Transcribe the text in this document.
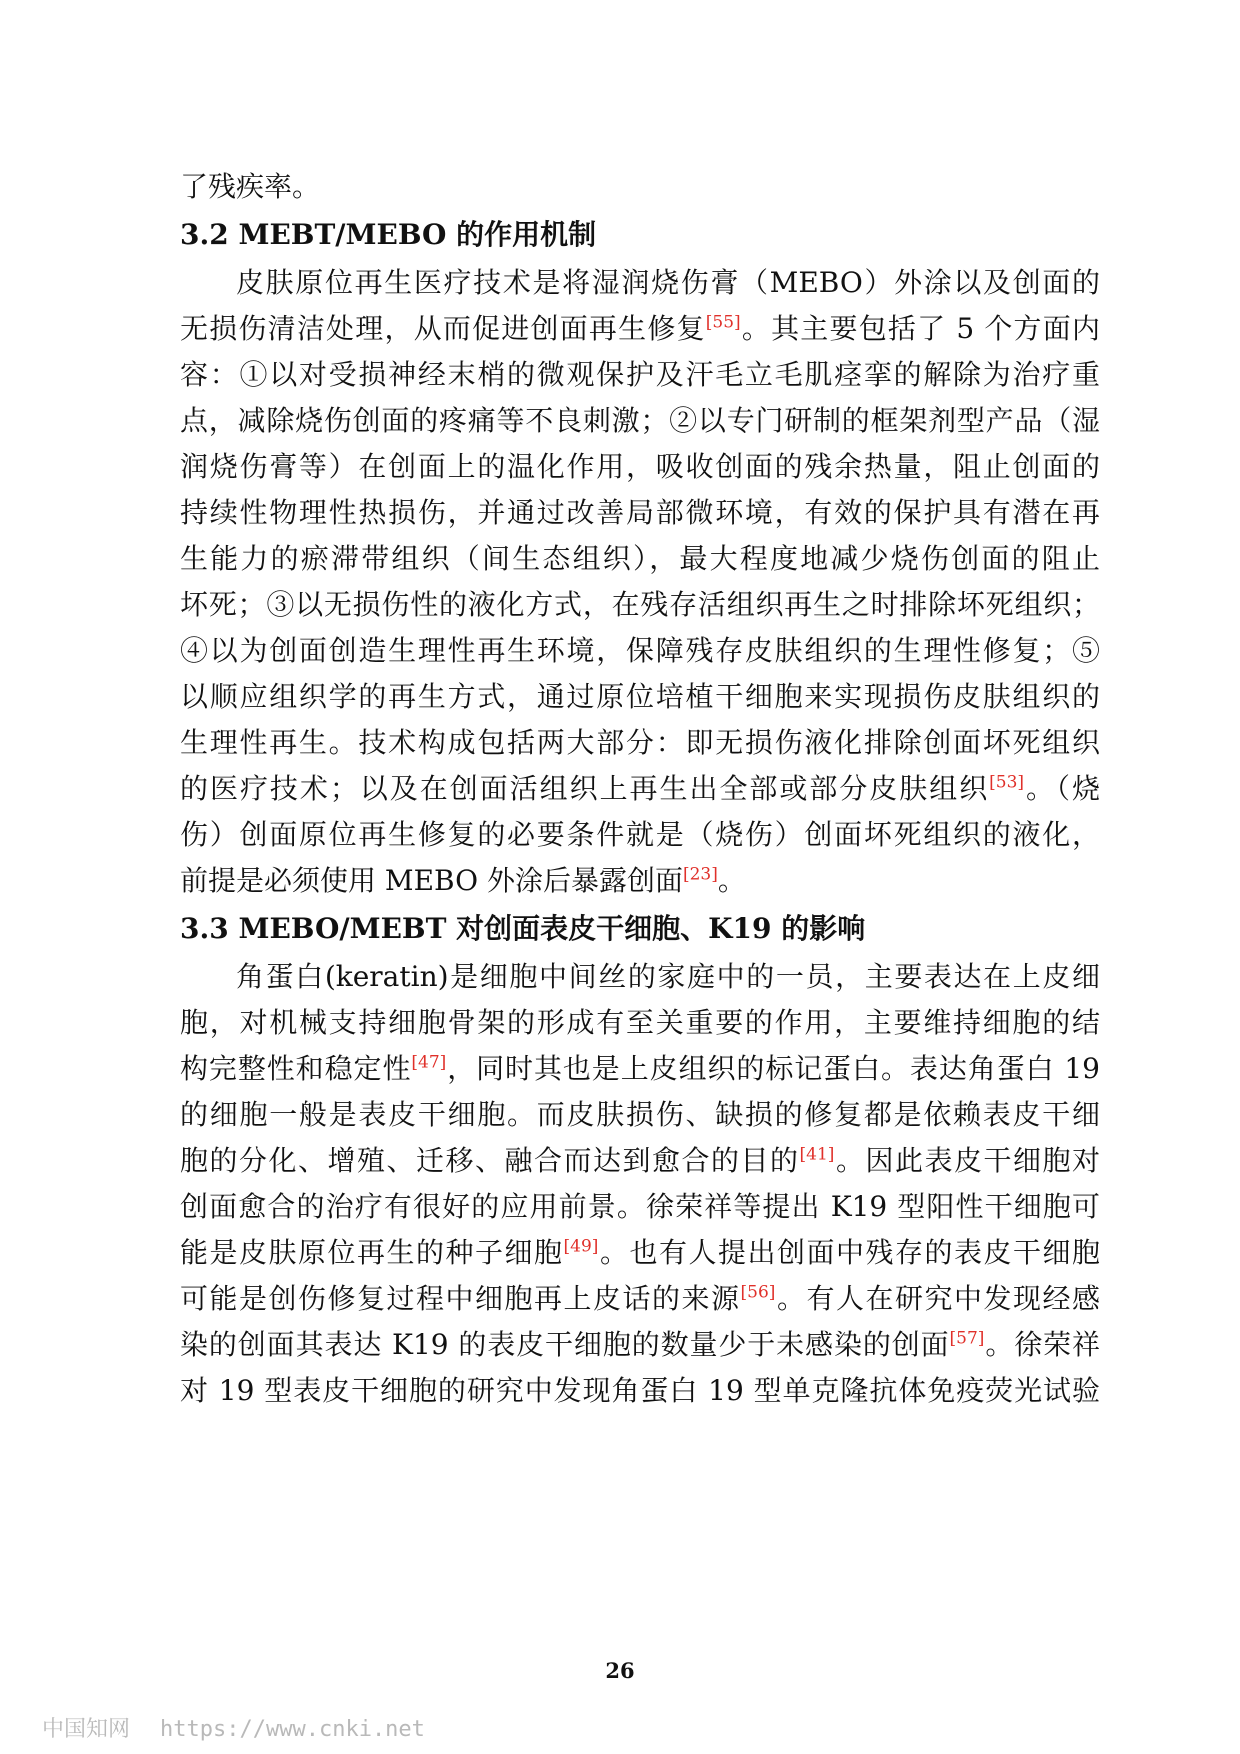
了残疾率。
3.2 MEBT/MEBO 的作用机制
皮肤原位再生医疗技术是将湿润烧伤膏（MEBO）外涂以及创面的
无损伤清洁处理，从而促进创面再生修复[55]。其主要包括了 5 个方面内
容：①以对受损神经末梢的微观保护及汗毛立毛肌痉挛的解除为治疗重
点，减除烧伤创面的疼痛等不良刺激；②以专门研制的框架剂型产品（湿
润烧伤膏等）在创面上的温化作用，吸收创面的残余热量，阻止创面的
持续性物理性热损伤，并通过改善局部微环境，有效的保护具有潜在再
生能力的瘀滞带组织（间生态组织），最大程度地减少烧伤创面的阻止
坏死；③以无损伤性的液化方式，在残存活组织再生之时排除坏死组织；
④以为创面创造生理性再生环境，保障残存皮肤组织的生理性修复；⑤
以顺应组织学的再生方式，通过原位培植干细胞来实现损伤皮肤组织的
生理性再生。技术构成包括两大部分：即无损伤液化排除创面坏死组织
的医疗技术；以及在创面活组织上再生出全部或部分皮肤组织[53]。（烧
伤）创面原位再生修复的必要条件就是（烧伤）创面坏死组织的液化，
前提是必须使用 MEBO 外涂后暴露创面[23]。
3.3 MEBO/MEBT 对创面表皮干细胞、K19 的影响
角蛋白(keratin)是细胞中间丝的家庭中的一员，主要表达在上皮细
胞，对机械支持细胞骨架的形成有至关重要的作用，主要维持细胞的结
构完整性和稳定性[47]，同时其也是上皮组织的标记蛋白。表达角蛋白 19
的细胞一般是表皮干细胞。而皮肤损伤、缺损的修复都是依赖表皮干细
胞的分化、增殖、迁移、融合而达到愈合的目的[41]。因此表皮干细胞对
创面愈合的治疗有很好的应用前景。徐荣祥等提出 K19 型阳性干细胞可
能是皮肤原位再生的种子细胞[49]。也有人提出创面中残存的表皮干细胞
可能是创伤修复过程中细胞再上皮话的来源[56]。有人在研究中发现经感
染的创面其表达 K19 的表皮干细胞的数量少于未感染的创面[57]。徐荣祥
对 19 型表皮干细胞的研究中发现角蛋白 19 型单克隆抗体免疫荧光试验
26
中国知网 https://www.cnki.net
